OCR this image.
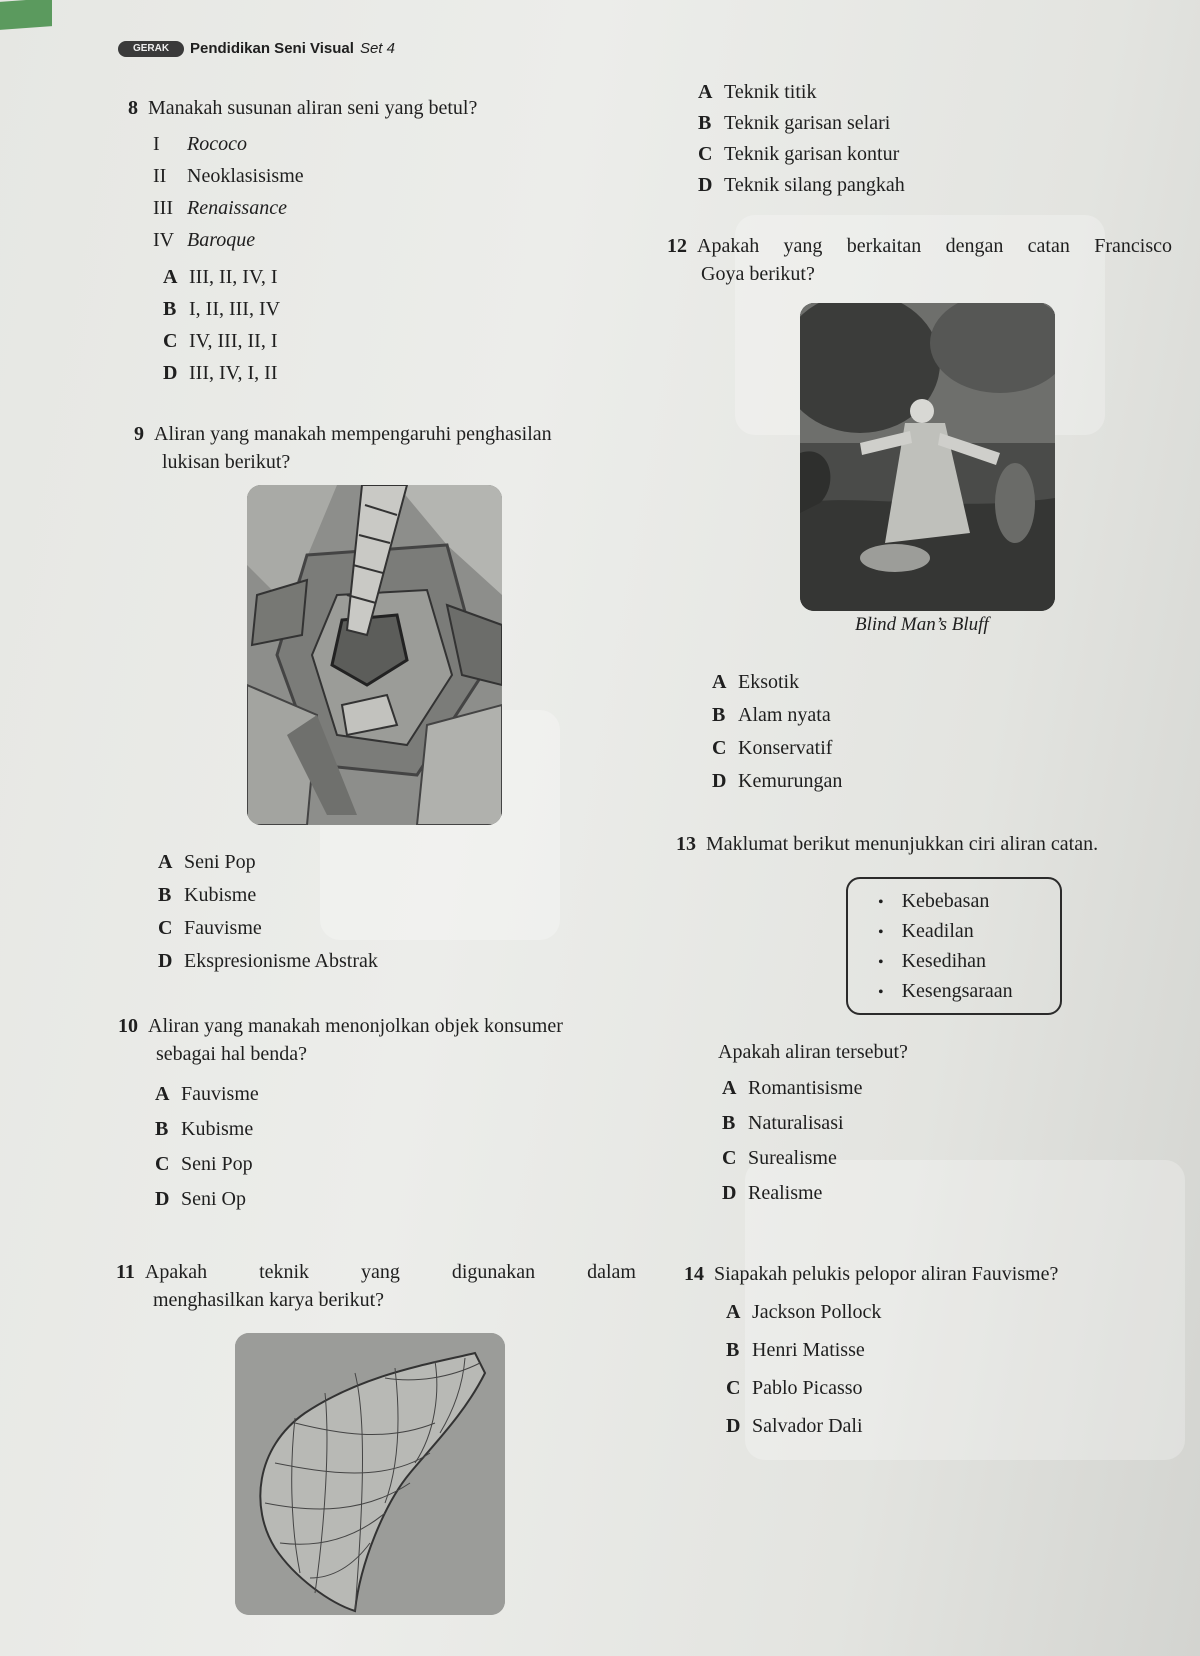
GERAK	Pendidikan Seni Visual Set 4
8 Manakah susunan aliran seni yang betul?
I Rococo
II Neoklasisisme
III Renaissance
IV Baroque
A III, II, IV, I
B I, II, III, IV
C IV, III, II, I
D III, IV, I, II
9 Aliran yang manakah mempengaruhi penghasilan
lukisan berikut?
A Seni Pop
B Kubisme
C Fauvisme
D Ekspresionisme Abstrak
10 Aliran yang manakah menonjolkan objek konsumer
sebagai hal benda?
A Fauvisme
B Kubisme
C Seni Pop
D Seni Op
11 Apakah teknik yang digunakan dalam
menghasilkan karya berikut?
A Teknik titik
B Teknik garisan selari
C Teknik garisan kontur
D Teknik silang pangkah
12 Apakah yang berkaitan dengan catan Francisco
Goya berikut?
Blind Man’s Bluff
A Eksotik
B Alam nyata
C Konservatif
D Kemurungan
13 Maklumat berikut menunjukkan ciri aliran catan.
• Kebebasan
• Keadilan
• Kesedihan
• Kesengsaraan
Apakah aliran tersebut?
A Romantisisme
B Naturalisasi
C Surealisme
D Realisme
14 Siapakah pelukis pelopor aliran Fauvisme?
A Jackson Pollock
B Henri Matisse
C Pablo Picasso
D Salvador Dali
